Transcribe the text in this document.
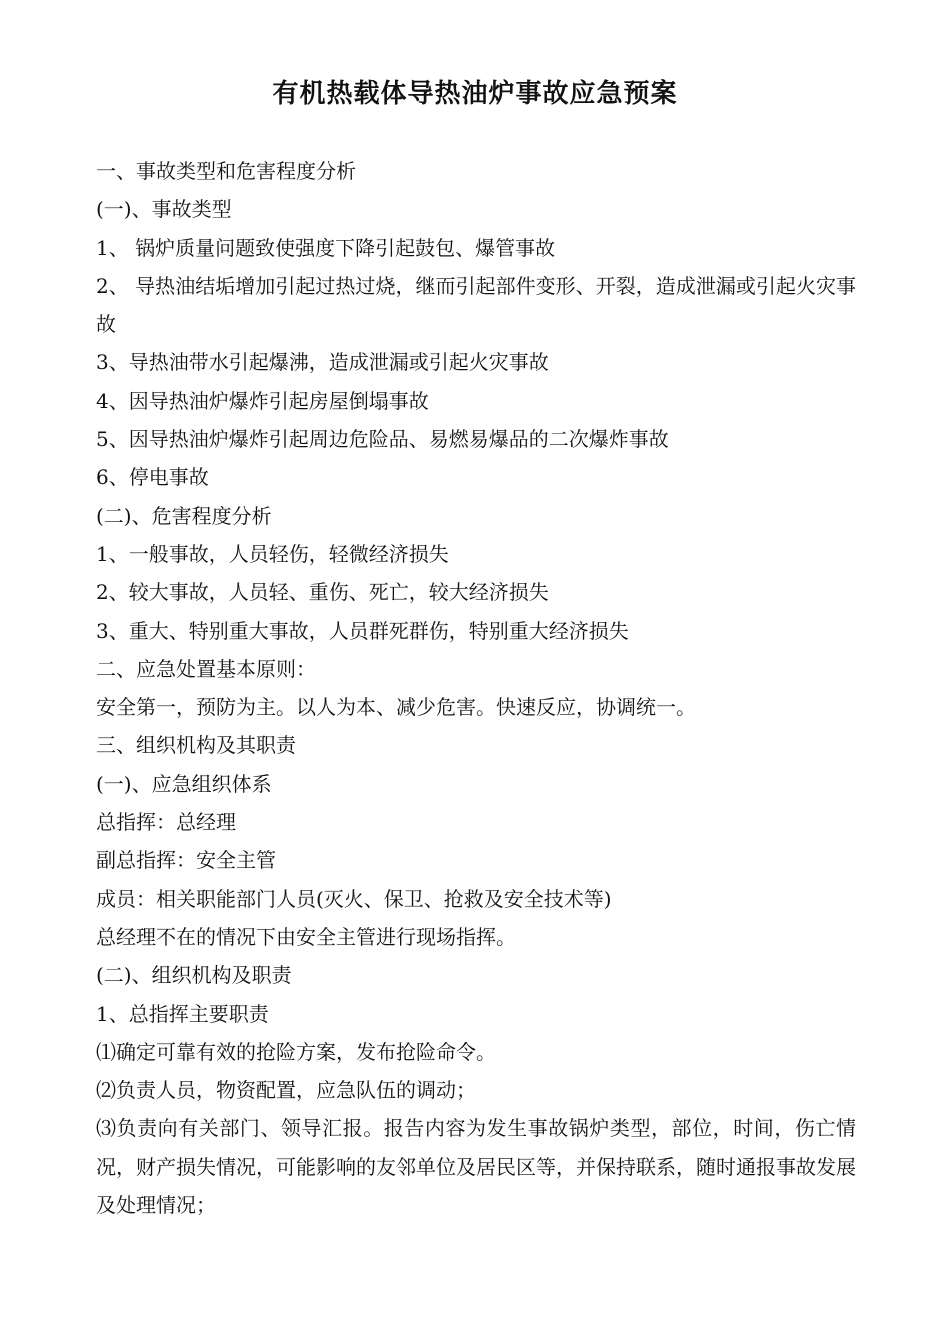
有机热载体导热油炉事故应急预案

一、事故类型和危害程度分析

(一)、事故类型

1、 锅炉质量问题致使强度下降引起鼓包、爆管事故

2、 导热油结垢增加引起过热过烧，继而引起部件变形、开裂，造成泄漏或引起火灾事故

3、导热油带水引起爆沸，造成泄漏或引起火灾事故

4、因导热油炉爆炸引起房屋倒塌事故

5、因导热油炉爆炸引起周边危险品、易燃易爆品的二次爆炸事故

6、停电事故

(二)、危害程度分析

1、一般事故，人员轻伤，轻微经济损失

2、较大事故，人员轻、重伤、死亡，较大经济损失

3、重大、特别重大事故，人员群死群伤，特别重大经济损失

二、应急处置基本原则：

安全第一，预防为主。以人为本、减少危害。快速反应，协调统一。

三、组织机构及其职责

(一)、应急组织体系

总指挥：总经理

副总指挥：安全主管

成员：相关职能部门人员(灭火、保卫、抢救及安全技术等)

总经理不在的情况下由安全主管进行现场指挥。

(二)、组织机构及职责

1、总指挥主要职责

⑴确定可靠有效的抢险方案，发布抢险命令。

⑵负责人员，物资配置，应急队伍的调动；

⑶负责向有关部门、领导汇报。报告内容为发生事故锅炉类型，部位，时间，伤亡情况，财产损失情况，可能影响的友邻单位及居民区等，并保持联系，随时通报事故发展及处理情况；
